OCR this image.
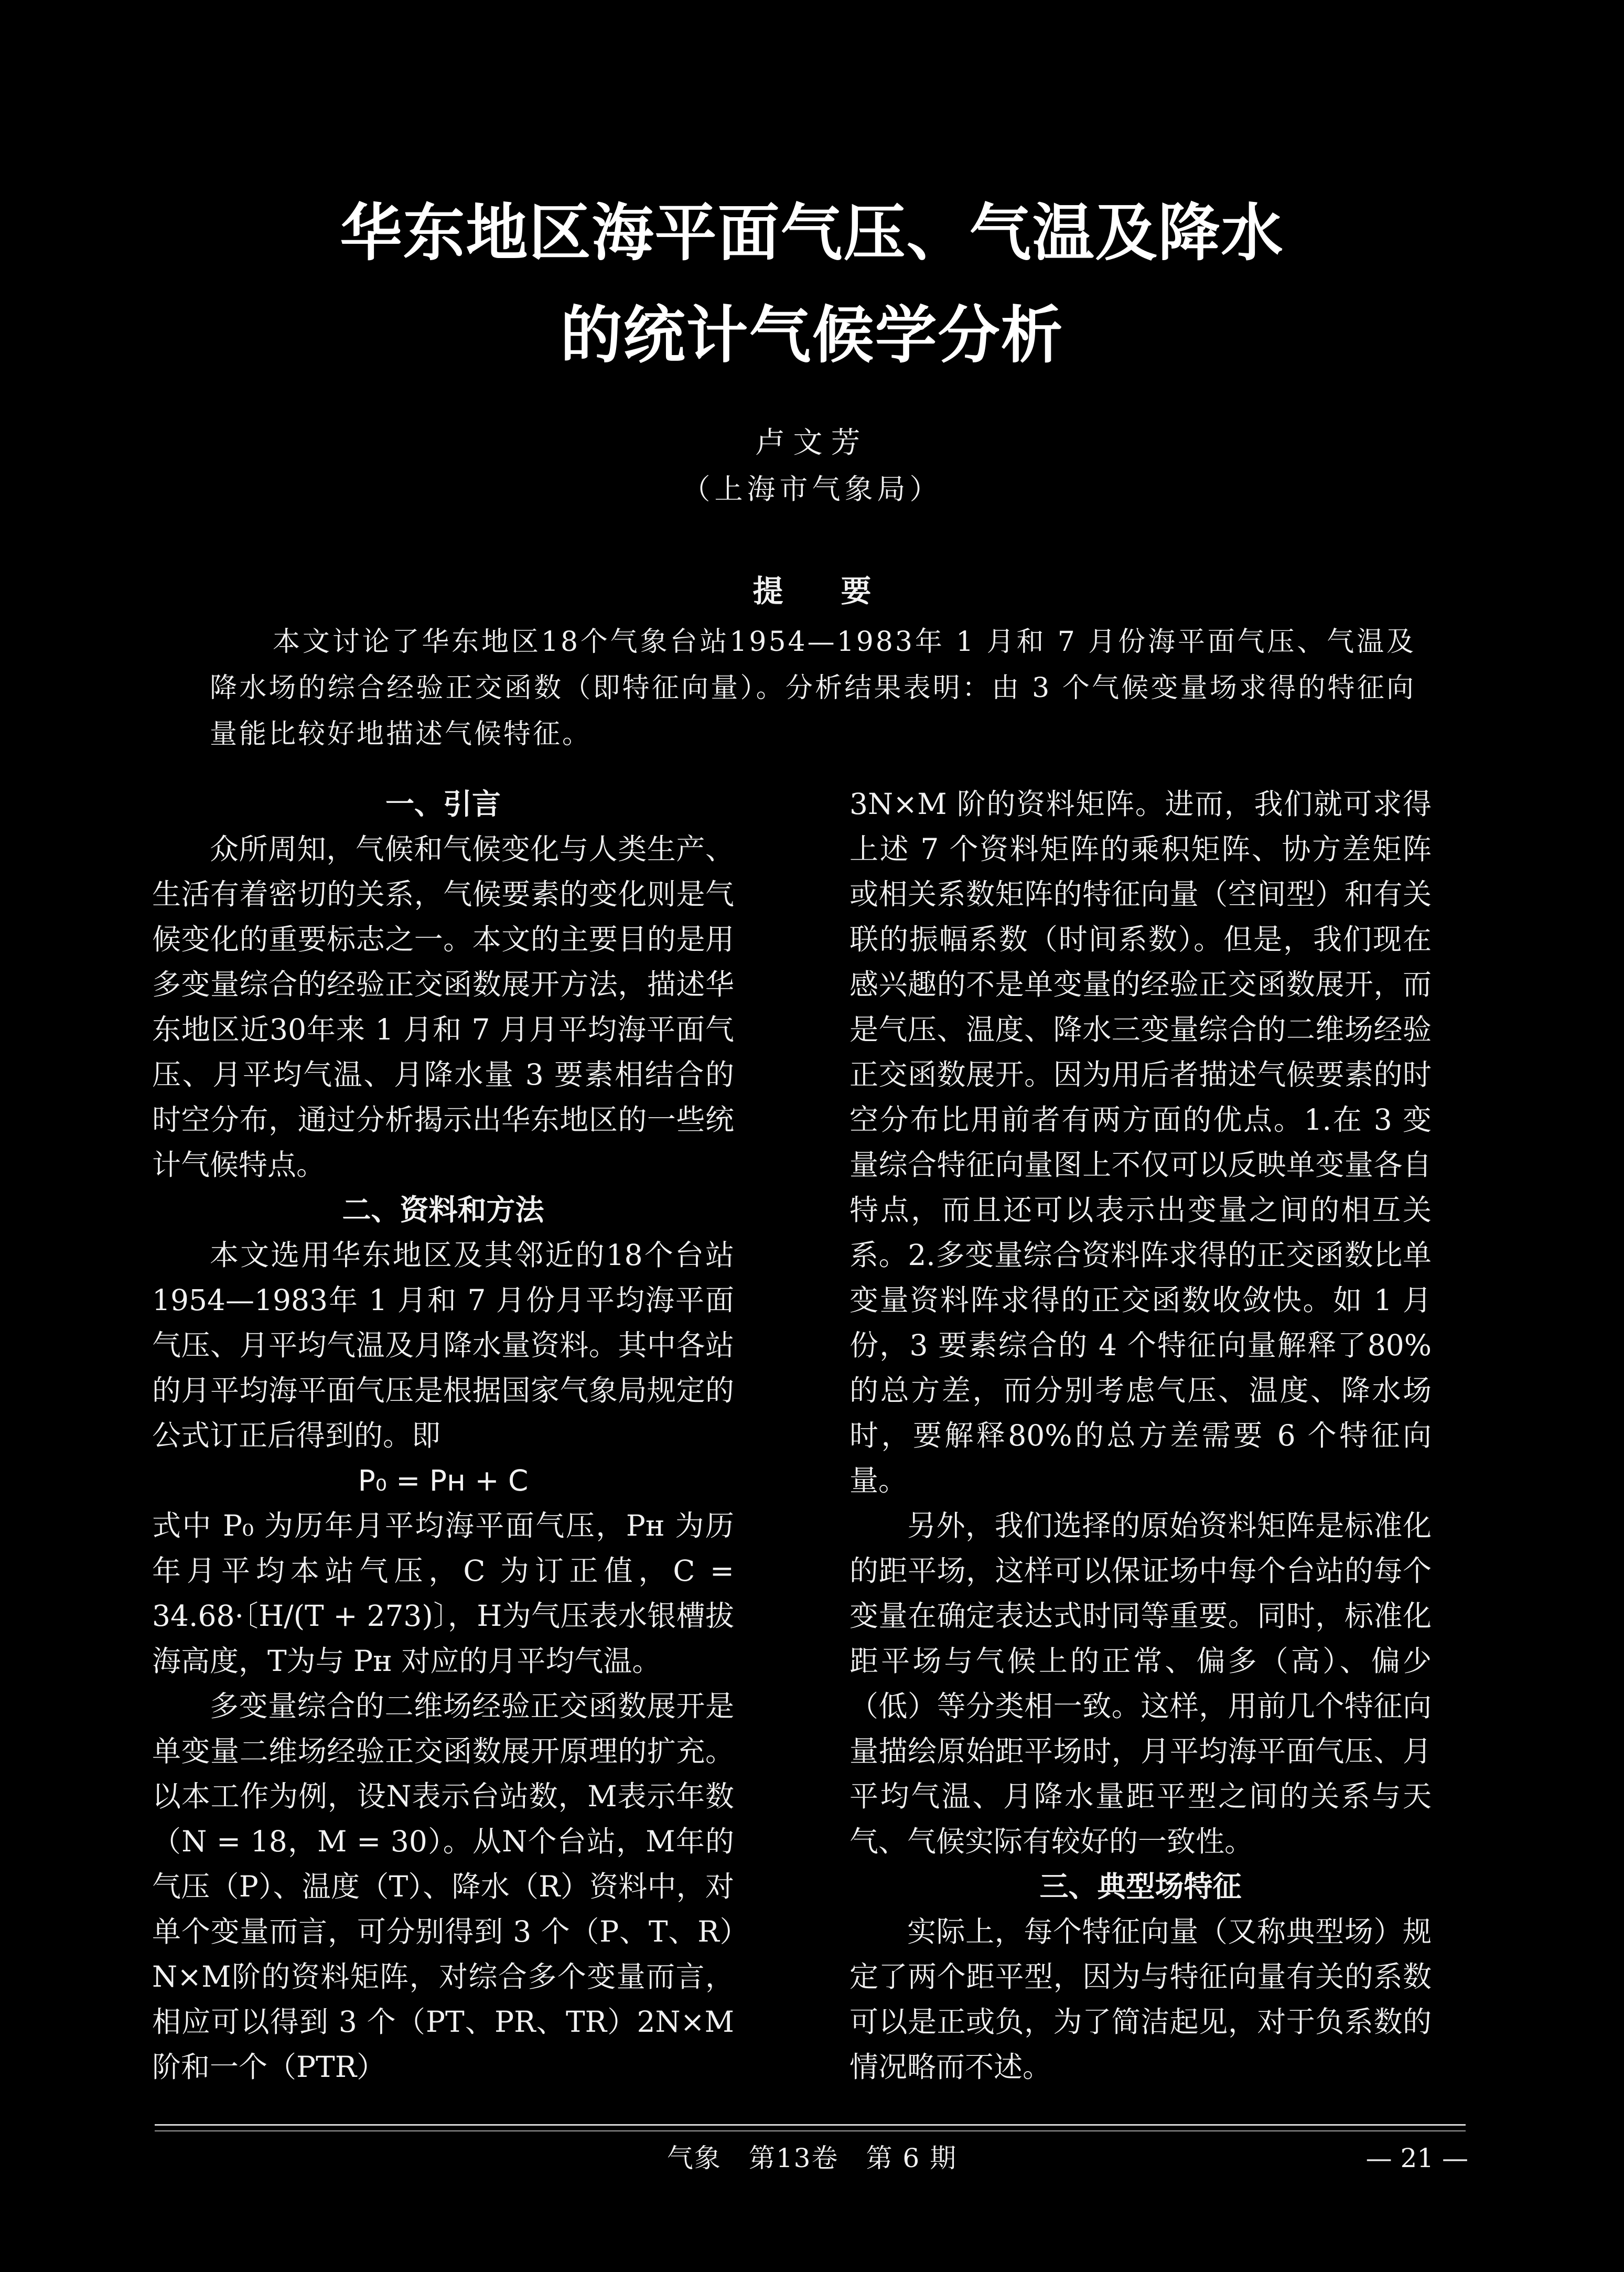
华东地区海平面气压、气温及降水
的统计气候学分析
卢文芳
（上海市气象局）
提 要
本文讨论了华东地区18个气象台站1954—1983年 1 月和 7 月份海平面气压、气温及降水场的综合经验正交函数（即特征向量）。分析结果表明：由 3 个气候变量场求得的特征向量能比较好地描述气候特征。

一、引言

众所周知，气候和气候变化与人类生产、生活有着密切的关系，气候要素的变化则是气候变化的重要标志之一。本文的主要目的是用多变量综合的经验正交函数展开方法，描述华东地区近30年来 1 月和 7 月月平均海平面气压、月平均气温、月降水量 3 要素相结合的时空分布，通过分析揭示出华东地区的一些统计气候特点。

二、资料和方法

本文选用华东地区及其邻近的18个台站1954—1983年 1 月和 7 月份月平均海平面气压、月平均气温及月降水量资料。其中各站的月平均海平面气压是根据国家气象局规定的公式订正后得到的。即

P₀ = Pʜ + C

式中 P₀ 为历年月平均海平面气压，Pʜ 为历年月平均本站气压，C 为订正值，C = 34.68·〔H/(T + 273)〕，H为气压表水银槽拔海高度，T为与 Pʜ 对应的月平均气温。

多变量综合的二维场经验正交函数展开是单变量二维场经验正交函数展开原理的扩充。以本工作为例，设N表示台站数，M表示年数（N = 18，M = 30）。从N个台站，M年的气压（P）、温度（T）、降水（R）资料中，对单个变量而言，可分别得到 3 个（P、T、R）N×M阶的资料矩阵，对综合多个变量而言，相应可以得到 3 个（PT、PR、TR）2N×M阶和一个（PTR）

3N×M 阶的资料矩阵。进而，我们就可求得上述 7 个资料矩阵的乘积矩阵、协方差矩阵或相关系数矩阵的特征向量（空间型）和有关联的振幅系数（时间系数）。但是，我们现在感兴趣的不是单变量的经验正交函数展开，而是气压、温度、降水三变量综合的二维场经验正交函数展开。因为用后者描述气候要素的时空分布比用前者有两方面的优点。1.在 3 变量综合特征向量图上不仅可以反映单变量各自特点，而且还可以表示出变量之间的相互关系。2.多变量综合资料阵求得的正交函数比单变量资料阵求得的正交函数收敛快。如 1 月份，3 要素综合的 4 个特征向量解释了80%的总方差，而分别考虑气压、温度、降水场时，要解释80%的总方差需要 6 个特征向量。

另外，我们选择的原始资料矩阵是标准化的距平场，这样可以保证场中每个台站的每个变量在确定表达式时同等重要。同时，标准化距平场与气候上的正常、偏多（高）、偏少（低）等分类相一致。这样，用前几个特征向量描绘原始距平场时，月平均海平面气压、月平均气温、月降水量距平型之间的关系与天气、气候实际有较好的一致性。

三、典型场特征

实际上，每个特征向量（又称典型场）规定了两个距平型，因为与特征向量有关的系数可以是正或负，为了简洁起见，对于负系数的情况略而不述。

气象　第13卷　第 6 期	— 21 —
